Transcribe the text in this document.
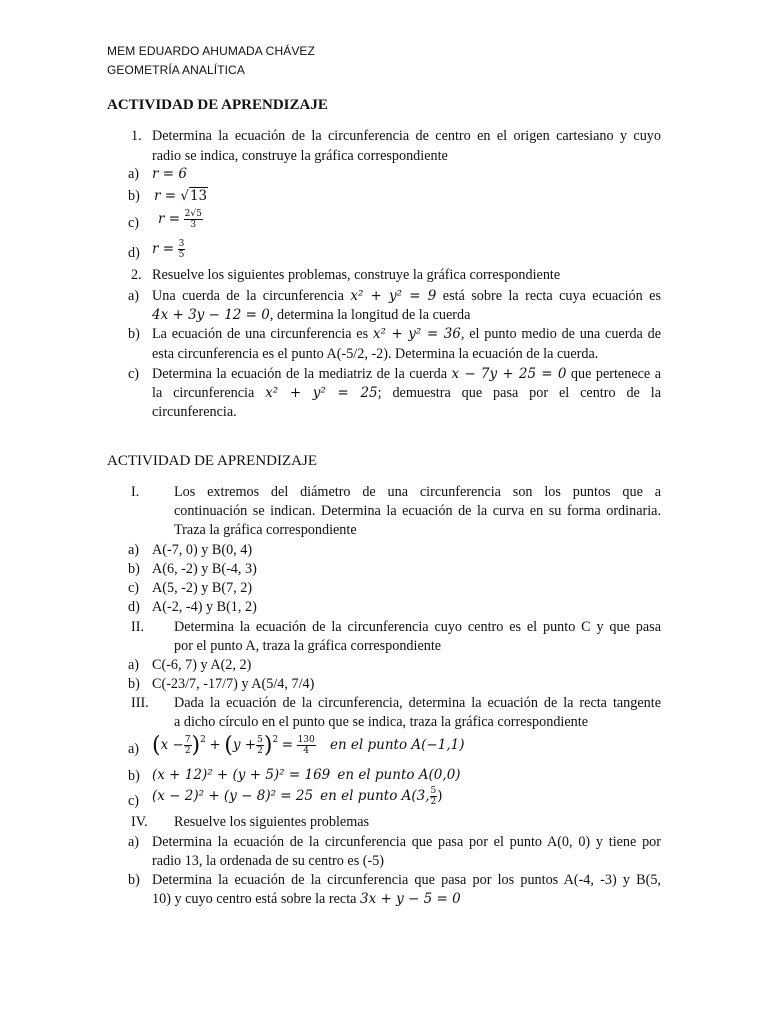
MEM EDUARDO AHUMADA CHÁVEZ
GEOMETRÍA ANALÍTICA
ACTIVIDAD DE APRENDIZAJE
1. Determina la ecuación de la circunferencia de centro en el origen cartesiano y cuyo
radio se indica, construye la gráfica correspondiente
a) r = 6
b) r = √13
c) $r = \frac{2√5}{3}$
d) $r = \frac{3}{5}$
2. Resuelve los siguientes problemas, construye la gráfica correspondiente
a) Una cuerda de la circunferencia x² + y² = 9 está sobre la recta cuya ecuación es
4x + 3y − 12 = 0, determina la longitud de la cuerda
b) La ecuación de una circunferencia es x² + y² = 36, el punto medio de una cuerda de
esta circunferencia es el punto A(-5/2, -2). Determina la ecuación de la cuerda.
c) Determina la ecuación de la mediatriz de la cuerda x − 7y + 25 = 0 que pertenece a
la circunferencia x² + y² = 25; demuestra que pasa por el centro de la
circunferencia.
ACTIVIDAD DE APRENDIZAJE
I. Los extremos del diámetro de una circunferencia son los puntos que a
continuación se indican. Determina la ecuación de la curva en su forma ordinaria.
Traza la gráfica correspondiente
a) A(-7, 0) y B(0, 4)
b) A(6, -2) y B(-4, 3)
c) A(5, -2) y B(7, 2)
d) A(-2, -4) y B(1, 2)
II. Determina la ecuación de la circunferencia cuyo centro es el punto C y que pasa
por el punto A, traza la gráfica correspondiente
a) C(-6, 7) y A(2, 2)
b) C(-23/7, -17/7) y A(5/4, 7/4)
III. Dada la ecuación de la circunferencia, determina la ecuación de la recta tangente
a dicho círculo en el punto que se indica, traza la gráfica correspondiente
a) $(x - \frac{7}{2} )^2 + (y + \frac{5}{2} )^2 = \frac{130}{4}$ en el punto A(−1,1)
b) (x + 12)² + (y + 5)² = 169 en el punto A(0,0)
c) (x − 2)² + (y − 8)² = 25 en el punto A(3, $\frac{5}{2}$ )
IV. Resuelve los siguientes problemas
a) Determina la ecuación de la circunferencia que pasa por el punto A(0, 0) y tiene por
radio 13, la ordenada de su centro es (-5)
b) Determina la ecuación de la circunferencia que pasa por los puntos A(-4, -3) y B(5,
10) y cuyo centro está sobre la recta 3x + y − 5 = 0
